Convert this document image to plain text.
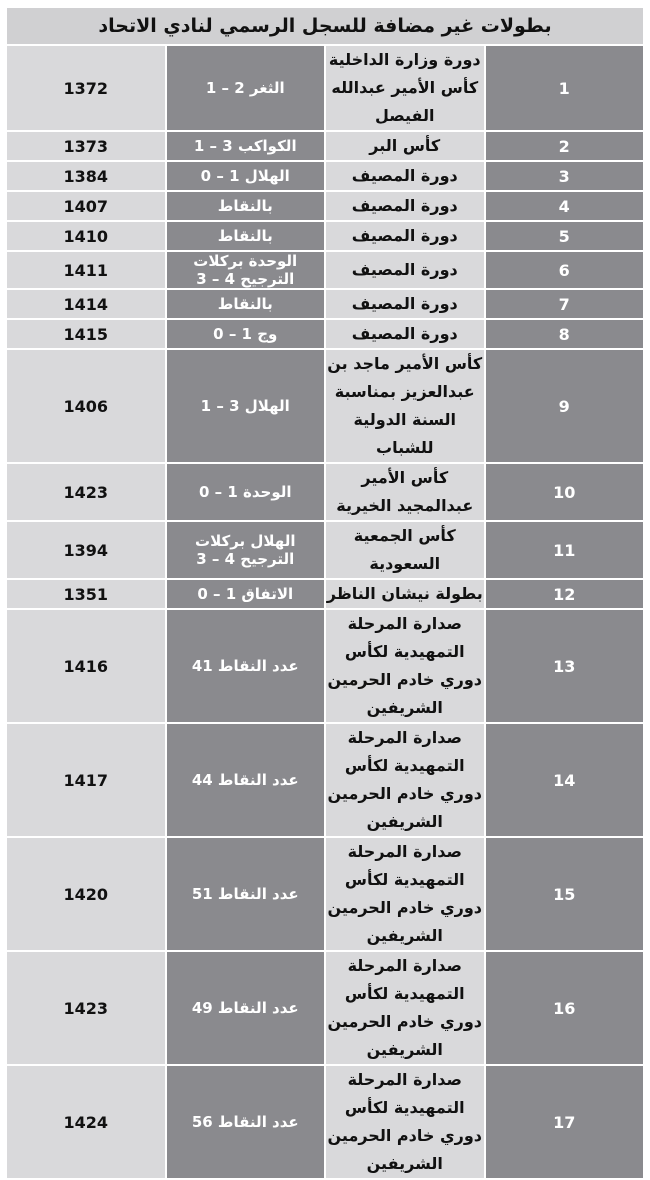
بطولات غير مضافة للسجل الرسمي لنادي الاتحاد			
1372	الثغر 2 – 1	دورة وزارة الداخلية كأس الأمير عبدالله الفيصل	1
1373	الكواكب 3 – 1	كأس البر	2
1384	الهلال 1 – 0	دورة المصيف	3
1407	بالنقاط	دورة المصيف	4
1410	بالنقاط	دورة المصيف	5
1411	الوحدة بركلات الترجيح 4 – 3	دورة المصيف	6
1414	بالنقاط	دورة المصيف	7
1415	وج 1 – 0	دورة المصيف	8
1406	الهلال 3 – 1	كأس الأمير ماجد بن عبدالعزيز بمناسبة السنة الدولية للشباب	9
1423	الوحدة 1 – 0	كأس الأمير عبدالمجيد الخيرية	10
1394	الهلال بركلات الترجيح 4 – 3	كأس الجمعية السعودية	11
1351	الاتفاق 1 – 0	بطولة نيشان الناظر	12
1416	عدد النقاط 41	صدارة المرحلة التمهيدية لكأس دوري خادم الحرمين الشريفين	13
1417	عدد النقاط 44	صدارة المرحلة التمهيدية لكأس دوري خادم الحرمين الشريفين	14
1420	عدد النقاط 51	صدارة المرحلة التمهيدية لكأس دوري خادم الحرمين الشريفين	15
1423	عدد النقاط 49	صدارة المرحلة التمهيدية لكأس دوري خادم الحرمين الشريفين	16
1424	عدد النقاط 56	صدارة المرحلة التمهيدية لكأس دوري خادم الحرمين الشريفين	17
